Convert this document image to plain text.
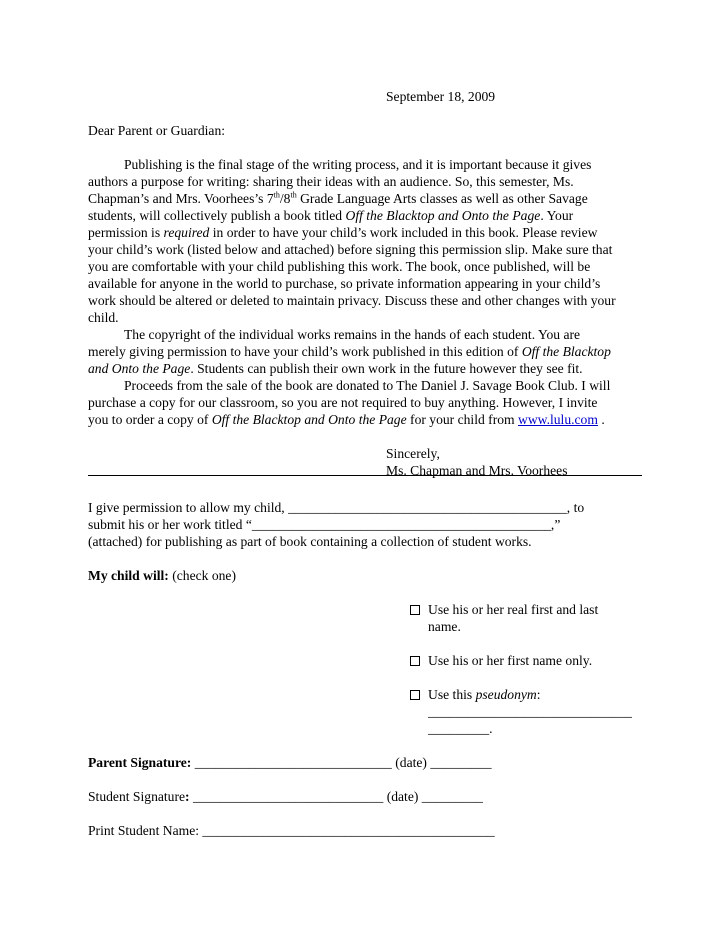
September 18, 2009
Dear Parent or Guardian:
Publishing is the final stage of the writing process, and it is important because it gives
authors a purpose for writing: sharing their ideas with an audience. So, this semester, Ms.
Chapman’s and Mrs. Voorhees’s 7th/8th Grade Language Arts classes as well as other Savage
students, will collectively publish a book titled Off the Blacktop and Onto the Page. Your
permission is required in order to have your child’s work included in this book. Please review
your child’s work (listed below and attached) before signing this permission slip. Make sure that
you are comfortable with your child publishing this work. The book, once published, will be
available for anyone in the world to purchase, so private information appearing in your child’s
work should be altered or deleted to maintain privacy. Discuss these and other changes with your
child.
The copyright of the individual works remains in the hands of each student. You are
merely giving permission to have your child’s work published in this edition of Off the Blacktop
and Onto the Page. Students can publish their own work in the future however they see fit.
Proceeds from the sale of the book are donated to The Daniel J. Savage Book Club. I will
purchase a copy for our classroom, so you are not required to buy anything. However, I invite
you to order a copy of Off the Blacktop and Onto the Page for your child from www.lulu.com .
Sincerely,
Ms. Chapman and Mrs. Voorhees
I give permission to allow my child, _________________________________________, to
submit his or her work titled “____________________________________________,”
(attached) for publishing as part of book containing a collection of student works.
My child will: (check one)
Use his or her real first and last
name.
Use his or her first name only.
Use this pseudonym:
______________________________
_________.
Parent Signature: _____________________________ (date) _________
Student Signature: ____________________________ (date) _________
Print Student Name: ___________________________________________
